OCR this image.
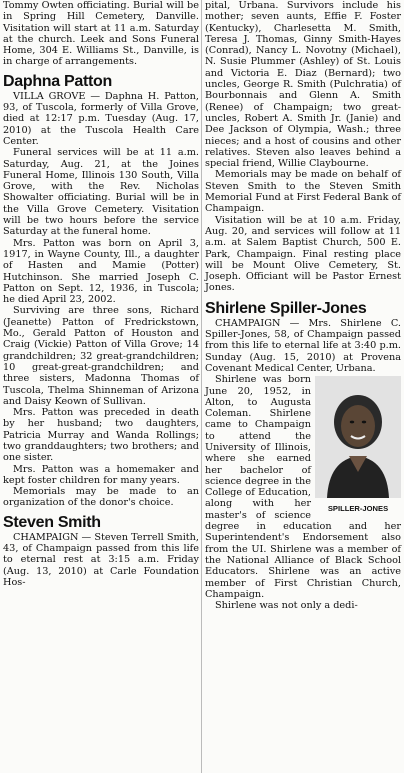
Tommy Owten officiating. Burial will be in Spring Hill Cemetery, Danville. Visitation will start at 11 a.m. Saturday at the church. Leek and Sons Funeral Home, 304 E. Williams St., Danville, is in charge of arrangements.

Daphna Patton

VILLA GROVE — Daphna H. Patton, 93, of Tuscola, formerly of Villa Grove, died at 12:17 p.m. Tuesday (Aug. 17, 2010) at the Tuscola Health Care Center.

Funeral services will be at 11 a.m. Saturday, Aug. 21, at the Joines Funeral Home, Illinois 130 South, Villa Grove, with the Rev. Nicholas Showalter officiating. Burial will be in the Villa Grove Cemetery. Visitation will be two hours before the service Saturday at the funeral home.

Mrs. Patton was born on April 3, 1917, in Wayne County, Ill., a daughter of Hasten and Mamie (Potter) Hutchinson. She married Joseph C. Patton on Sept. 12, 1936, in Tuscola; he died April 23, 2002.

Surviving are three sons, Richard (Jeanette) Patton of Fredrickstown, Mo., Gerald Patton of Houston and Craig (Vickie) Patton of Villa Grove; 14 grandchildren; 32 great-grandchildren; 10 great-great-grandchildren; and three sisters, Madonna Thomas of Tuscola, Thelma Shinneman of Arizona and Daisy Keown of Sullivan.

Mrs. Patton was preceded in death by her husband; two daughters, Patricia Murray and Wanda Rollings; two granddaughters; two brothers; and one sister.

Mrs. Patton was a homemaker and kept foster children for many years.

Memorials may be made to an organization of the donor's choice.

Steven Smith

CHAMPAIGN — Steven Terrell Smith, 43, of Champaign passed from this life to eternal rest at 3:15 a.m. Friday (Aug. 13, 2010) at Carle Foundation Hos-

pital, Urbana. Survivors include his mother; seven aunts, Effie F. Foster (Kentucky), Charlesetta M. Smith, Teresa J. Thomas, Ginny Smith-Hayes (Conrad), Nancy L. Novotny (Michael), N. Susie Plummer (Ashley) of St. Louis and Victoria E. Diaz (Bernard); two uncles, George R. Smith (Pulchratia) of Bourbonnais and Glenn A. Smith (Renee) of Champaign; two great-uncles, Robert A. Smith Jr. (Janie) and Dee Jackson of Olympia, Wash.; three nieces; and a host of cousins and other relatives. Steven also leaves behind a special friend, Willie Claybourne.

Memorials may be made on behalf of Steven Smith to the Steven Smith Memorial Fund at First Federal Bank of Champaign.

Visitation will be at 10 a.m. Friday, Aug. 20, and services will follow at 11 a.m. at Salem Baptist Church, 500 E. Park, Champaign. Final resting place will be Mount Olive Cemetery, St. Joseph. Officiant will be Pastor Ernest Jones.

Shirlene Spiller-Jones

CHAMPAIGN — Mrs. Shirlene C. Spiller-Jones, 58, of Champaign passed from this life to eternal life at 3:40 p.m. Sunday (Aug. 15, 2010) at Provena Covenant Medical Center, Urbana.

SPILLER-JONES

Shirlene was born June 20, 1952, in Alton, to Augusta Coleman. Shirlene came to Champaign to attend the University of Illinois, where she earned her bachelor of science degree in the College of Education, along with her master's of science degree in education and her Superintendent's Endorsement also from the UI. Shirlene was a member of the National Alliance of Black School Educators. Shirlene was an active member of First Christian Church, Champaign.

Shirlene was not only a dedi-
